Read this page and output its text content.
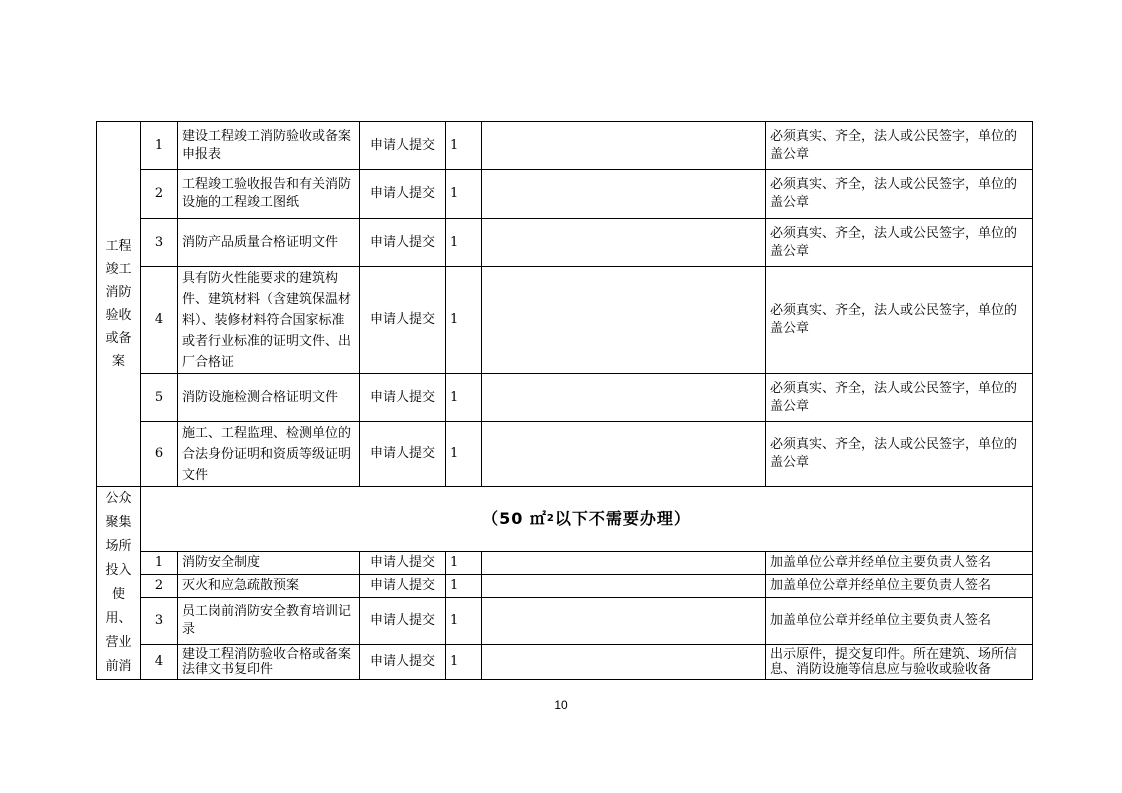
工程竣工消防验收或备案	1	建设工程竣工消防验收或备案申报表	申请人提交	1		必须真实、齐全，法人或公民签字，单位的盖公章
	2	工程竣工验收报告和有关消防设施的工程竣工图纸	申请人提交	1		必须真实、齐全，法人或公民签字，单位的盖公章
	3	消防产品质量合格证明文件	申请人提交	1		必须真实、齐全，法人或公民签字，单位的盖公章
	4	具有防火性能要求的建筑构件、建筑材料（含建筑保温材料）、装修材料符合国家标准或者行业标准的证明文件、出厂合格证	申请人提交	1		必须真实、齐全，法人或公民签字，单位的盖公章
	5	消防设施检测合格证明文件	申请人提交	1		必须真实、齐全，法人或公民签字，单位的盖公章
	6	施工、工程监理、检测单位的合法身份证明和资质等级证明文件	申请人提交	1		必须真实、齐全，法人或公民签字，单位的盖公章
公众聚集场所投入使用、营业前消	（50 ㎡$^2$以下不需要办理）					
	1	消防安全制度	申请人提交	1		加盖单位公章并经单位主要负责人签名
	2	灭火和应急疏散预案	申请人提交	1		加盖单位公章并经单位主要负责人签名
	3	员工岗前消防安全教育培训记录	申请人提交	1		加盖单位公章并经单位主要负责人签名
	4	建设工程消防验收合格或备案法律文书复印件	申请人提交	1		出示原件，提交复印件。所在建筑、场所信息、消防设施等信息应与验收或验收备
10
